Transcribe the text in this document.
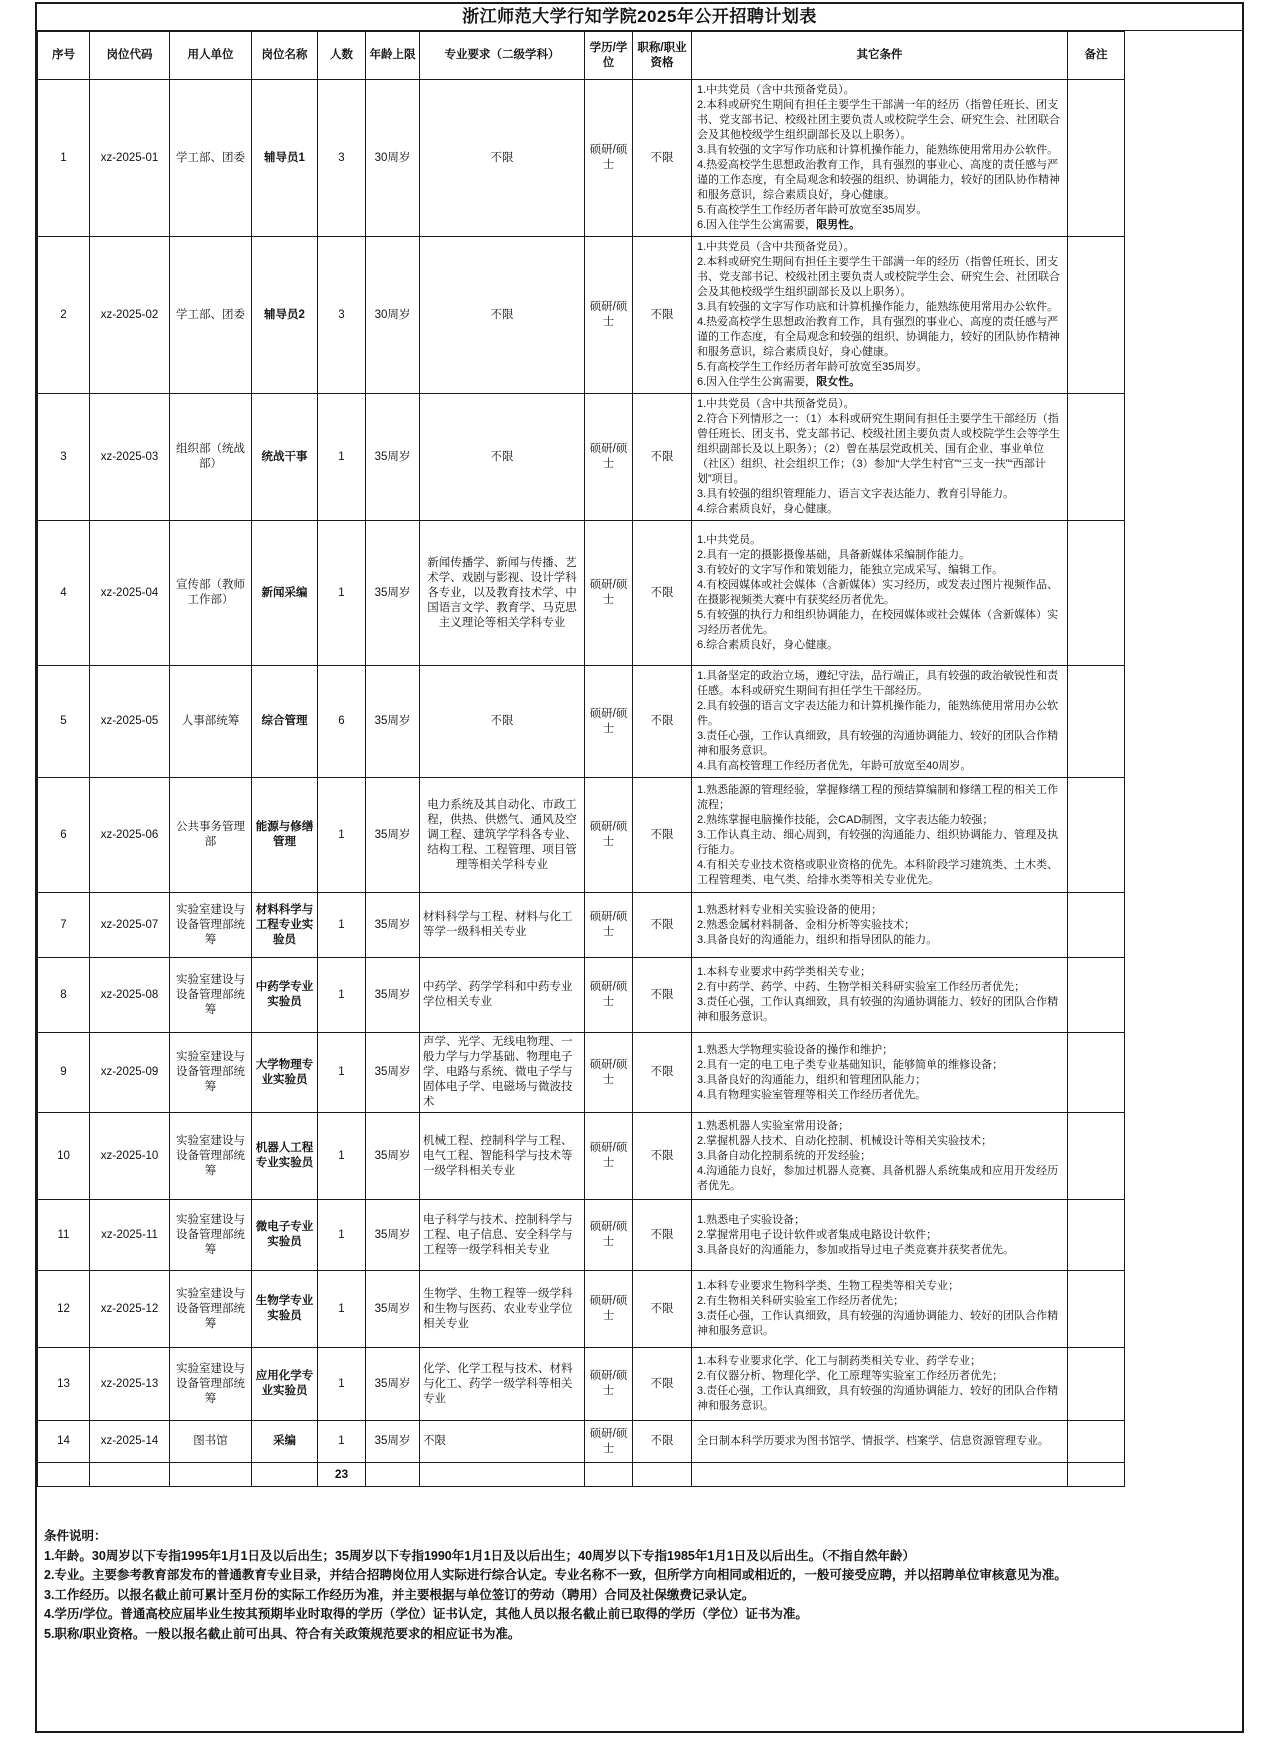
浙江师范大学行知学院2025年公开招聘计划表
序号	岗位代码	用人单位	岗位名称	人数	年龄上限	专业要求（二级学科）	学历/学位	职称/职业资格	其它条件	备注
1	xz-2025-01	学工部、团委	辅导员1	3	30周岁	不限	硕研/硕士	不限	
1.中共党员（含中共预备党员）。
2.本科或研究生期间有担任主要学生干部满一年的经历（指曾任班长、团支书、党支部书记、校级社团主要负责人或校院学生会、研究生会、社团联合会及其他校级学生组织副部长及以上职务）。
3.具有较强的文字写作功底和计算机操作能力，能熟练使用常用办公软件。
4.热爱高校学生思想政治教育工作，具有强烈的事业心、高度的责任感与严谨的工作态度，有全局观念和较强的组织、协调能力，较好的团队协作精神和服务意识，综合素质良好，身心健康。
5.有高校学生工作经历者年龄可放宽至35周岁。
6.因入住学生公寓需要，限男性。

2	xz-2025-02	学工部、团委	辅导员2	3	30周岁	不限	硕研/硕士	不限	
1.中共党员（含中共预备党员）。
2.本科或研究生期间有担任主要学生干部满一年的经历（指曾任班长、团支书、党支部书记、校级社团主要负责人或校院学生会、研究生会、社团联合会及其他校级学生组织副部长及以上职务）。
3.具有较强的文字写作功底和计算机操作能力，能熟练使用常用办公软件。
4.热爱高校学生思想政治教育工作，具有强烈的事业心、高度的责任感与严谨的工作态度，有全局观念和较强的组织、协调能力，较好的团队协作精神和服务意识，综合素质良好，身心健康。
5.有高校学生工作经历者年龄可放宽至35周岁。
6.因入住学生公寓需要，限女性。

3	xz-2025-03	组织部（统战部）	统战干事	1	35周岁	不限	硕研/硕士	不限	1.中共党员（含中共预备党员）。
2.符合下列情形之一：（1）本科或研究生期间有担任主要学生干部经历（指曾任班长、团支书、党支部书记、校级社团主要负责人或校院学生会等学生组织副部长及以上职务）；（2）曾在基层党政机关、国有企业、事业单位（社区）组织、社会组织工作；（3）参加“大学生村官”“三支一扶”“西部计划”项目。
3.具有较强的组织管理能力、语言文字表达能力、教育引导能力。
4.综合素质良好，身心健康。	

4	xz-2025-04	宣传部（教师工作部）	新闻采编	1	35周岁	新闻传播学、新闻与传播、艺术学、戏剧与影视、设计学科各专业，以及教育技术学、中国语言文学、教育学、马克思主义理论等相关学科专业	硕研/硕士	不限	
1.中共党员。
2.具有一定的摄影摄像基础，具备新媒体采编制作能力。
3.有较好的文字写作和策划能力，能独立完成采写、编辑工作。
4.有校园媒体或社会媒体（含新媒体）实习经历，或发表过图片视频作品、在摄影视频类大赛中有获奖经历者优先。
5.有较强的执行力和组织协调能力，在校园媒体或社会媒体（含新媒体）实习经历者优先。
6.综合素质良好，身心健康。

5	xz-2025-05	人事部统筹	综合管理	6	35周岁	不限	硕研/硕士	不限	1.具备坚定的政治立场，遵纪守法，品行端正，具有较强的政治敏锐性和责任感。本科或研究生期间有担任学生干部经历。
2.具有较强的语言文字表达能力和计算机操作能力，能熟练使用常用办公软件。
3.责任心强，工作认真细致，具有较强的沟通协调能力、较好的团队合作精神和服务意识。
4.具有高校管理工作经历者优先，年龄可放宽至40周岁。	

6	xz-2025-06	公共事务管理部	能源与修缮管理	1	35周岁	电力系统及其自动化、市政工程，供热、供燃气、通风及空调工程、建筑学学科各专业、结构工程、工程管理、项目管理等相关学科专业	硕研/硕士	不限	1.熟悉能源的管理经验，掌握修缮工程的预结算编制和修缮工程的相关工作流程；
2.熟练掌握电脑操作技能，会CAD制图，文字表达能力较强；
3.工作认真主动、细心周到，有较强的沟通能力、组织协调能力、管理及执行能力。
4.有相关专业技术资格或职业资格的优先。本科阶段学习建筑类、土木类、工程管理类、电气类、给排水类等相关专业优先。	

7	xz-2025-07	实验室建设与设备管理部统筹	材料科学与工程专业实验员	1	35周岁	材料科学与工程、材料与化工等学一级科相关专业	硕研/硕士	不限	1.熟悉材料专业相关实验设备的使用；
2.熟悉金属材料制备、金相分析等实验技术；
3.具备良好的沟通能力，组织和指导团队的能力。	

8	xz-2025-08	实验室建设与设备管理部统筹	中药学专业实验员	1	35周岁	中药学、药学学科和中药专业学位相关专业	硕研/硕士	不限	1.本科专业要求中药学类相关专业；
2.有中药学、药学、中药、生物学相关科研实验室工作经历者优先；
3.责任心强，工作认真细致，具有较强的沟通协调能力、较好的团队合作精神和服务意识。	

9	xz-2025-09	实验室建设与设备管理部统筹	大学物理专业实验员	1	35周岁	声学、光学、无线电物理、一般力学与力学基础、物理电子学、电路与系统、微电子学与固体电子学、电磁场与微波技术	硕研/硕士	不限	1.熟悉大学物理实验设备的操作和维护；
2.具有一定的电工电子类专业基础知识，能够简单的维修设备；
3.具备良好的沟通能力，组织和管理团队能力；
4.具有物理实验室管理等相关工作经历者优先。	

10	xz-2025-10	实验室建设与设备管理部统筹	机器人工程专业实验员	1	35周岁	机械工程、控制科学与工程、电气工程、智能科学与技术等一级学科相关专业	硕研/硕士	不限	1.熟悉机器人实验室常用设备；
2.掌握机器人技术、自动化控制、机械设计等相关实验技术；
3.具备自动化控制系统的开发经验；
4.沟通能力良好，参加过机器人竞赛、具备机器人系统集成和应用开发经历者优先。	

11	xz-2025-11	实验室建设与设备管理部统筹	微电子专业实验员	1	35周岁	电子科学与技术、控制科学与工程、电子信息、安全科学与工程等一级学科相关专业	硕研/硕士	不限	1.熟悉电子实验设备；
2.掌握常用电子设计软件或者集成电路设计软件；
3.具备良好的沟通能力，参加或指导过电子类竞赛并获奖者优先。	

12	xz-2025-12	实验室建设与设备管理部统筹	生物学专业实验员	1	35周岁	生物学、生物工程等一级学科和生物与医药、农业专业学位相关专业	硕研/硕士	不限	1.本科专业要求生物科学类、生物工程类等相关专业；
2.有生物相关科研实验室工作经历者优先；
3.责任心强，工作认真细致，具有较强的沟通协调能力、较好的团队合作精神和服务意识。	

13	xz-2025-13	实验室建设与设备管理部统筹	应用化学专业实验员	1	35周岁	化学、化学工程与技术、材料与化工、药学一级学科等相关专业	硕研/硕士	不限	1.本科专业要求化学、化工与制药类相关专业、药学专业；
2.有仪器分析、物理化学、化工原理等实验室工作经历者优先；
3.责任心强，工作认真细致，具有较强的沟通协调能力、较好的团队合作精神和服务意识。	

14	xz-2025-14	图书馆	采编	1	35周岁	不限	硕研/硕士	不限	全日制本科学历要求为图书馆学、情报学、档案学、信息资源管理专业。	

				23						
条件说明：
1.年龄。30周岁以下专指1995年1月1日及以后出生；35周岁以下专指1990年1月1日及以后出生；40周岁以下专指1985年1月1日及以后出生。（不指自然年龄）
2.专业。主要参考教育部发布的普通教育专业目录，并结合招聘岗位用人实际进行综合认定。专业名称不一致，但所学方向相同或相近的，一般可接受应聘，并以招聘单位审核意见为准。
3.工作经历。以报名截止前可累计至月份的实际工作经历为准，并主要根据与单位签订的劳动（聘用）合同及社保缴费记录认定。
4.学历/学位。普通高校应届毕业生按其预期毕业时取得的学历（学位）证书认定，其他人员以报名截止前已取得的学历（学位）证书为准。
5.职称/职业资格。一般以报名截止前可出具、符合有关政策规范要求的相应证书为准。
